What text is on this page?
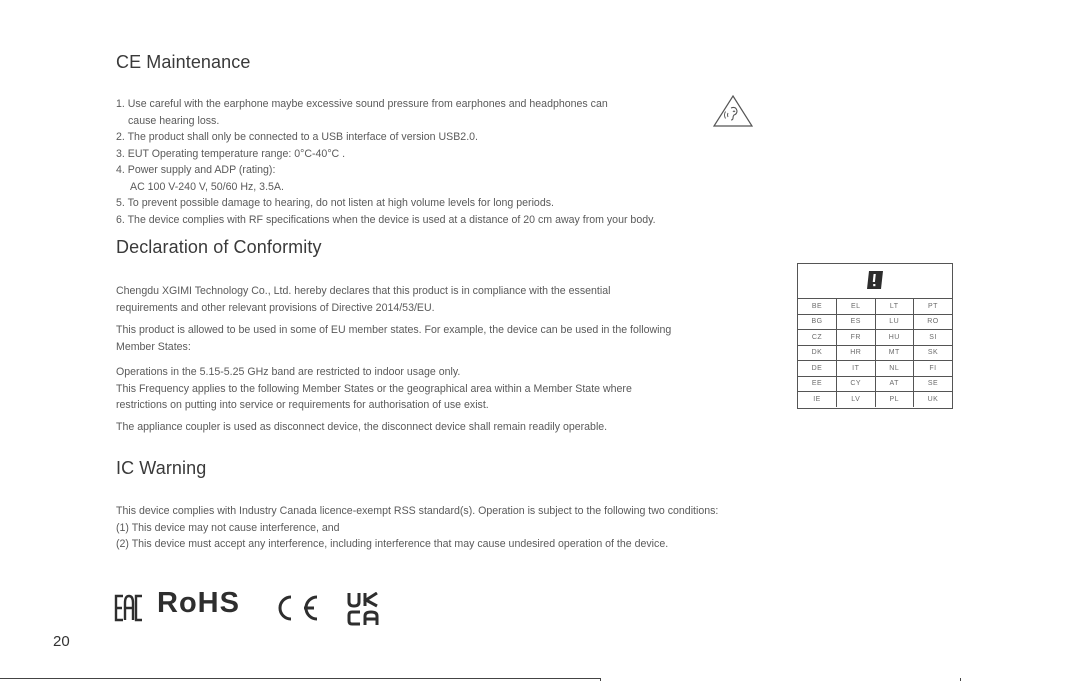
CE Maintenance
1. Use careful with the earphone maybe excessive sound pressure from earphones and headphones can
cause hearing loss.
2. The product shall only be connected to a USB interface of version USB2.0.
3. EUT Operating temperature range: 0°C-40°C .
4. Power supply and ADP (rating):
AC 100 V-240 V, 50/60 Hz, 3.5A.
5. To prevent possible damage to hearing, do not listen at high volume levels for long periods.
6. The device complies with RF specifications when the device is used at a distance of 20 cm away from your body.
Declaration of Conformity
Chengdu XGIMI Technology Co., Ltd. hereby declares that this product is in compliance with the essential
requirements and other relevant provisions of Directive 2014/53/EU.
This product is allowed to be used in some of EU member states. For example, the device can be used in the following
Member States:
Operations in the 5.15-5.25 GHz band are restricted to indoor usage only.
This Frequency applies to the following Member States or the geographical area within a Member State where
restrictions on putting into service or requirements for authorisation of use exist.
The appliance coupler is used as disconnect device, the disconnect device shall remain readily operable.
BE	EL	LT	PT
BG	ES	LU	RO
CZ	FR	HU	SI
DK	HR	MT	SK
DE	IT	NL	FI
EE	CY	AT	SE
IE	LV	PL	UK
IC Warning
This device complies with Industry Canada licence-exempt RSS standard(s). Operation is subject to the following two conditions:
(1) This device may not cause interference, and
(2) This device must accept any interference, including interference that may cause undesired operation of the device.
RoHS
20
